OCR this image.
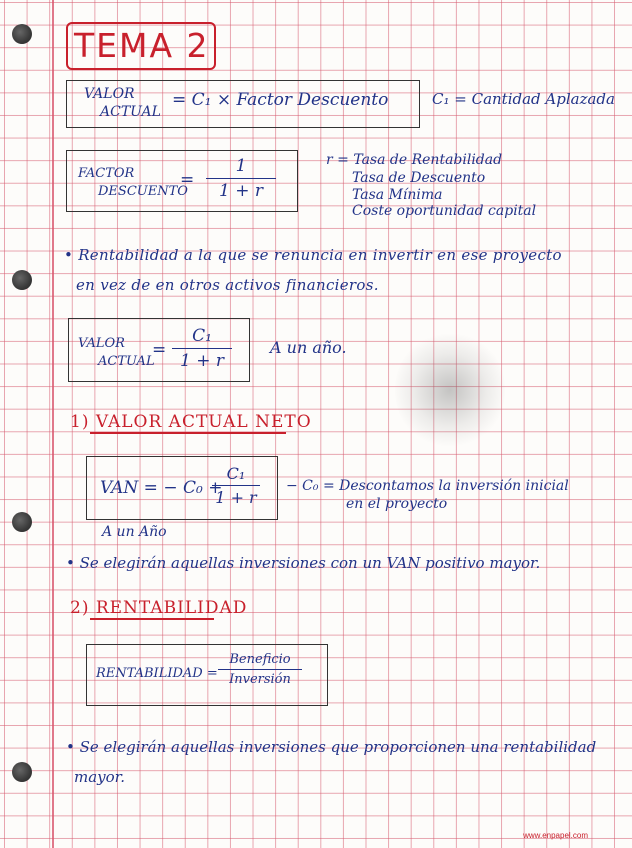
TEMA 2
VALOR
ACTUAL
= C₁ × Factor Descuento	C₁ = Cantidad Aplazada
FACTOR
DESCUENTO
=
1
1 + r
r = Tasa de Rentabilidad
Tasa de Descuento
Tasa Mínima
Coste oportunidad capital
• Rentabilidad a la que se renuncia en invertir en ese proyecto
en vez de en otros activos financieros.
VALOR
ACTUAL
=
C₁
1 + r
A un año.
1) VALOR ACTUAL NETO
VAN = − C₀ +
C₁
1 + r
− C₀ = Descontamos la inversión inicial
en el proyecto
A un Año
• Se elegirán aquellas inversiones con un VAN positivo mayor.
2) RENTABILIDAD
RENTABILIDAD =
Beneficio
Inversión
• Se elegirán aquellas inversiones que proporcionen una rentabilidad
mayor.
www.enpapel.com
